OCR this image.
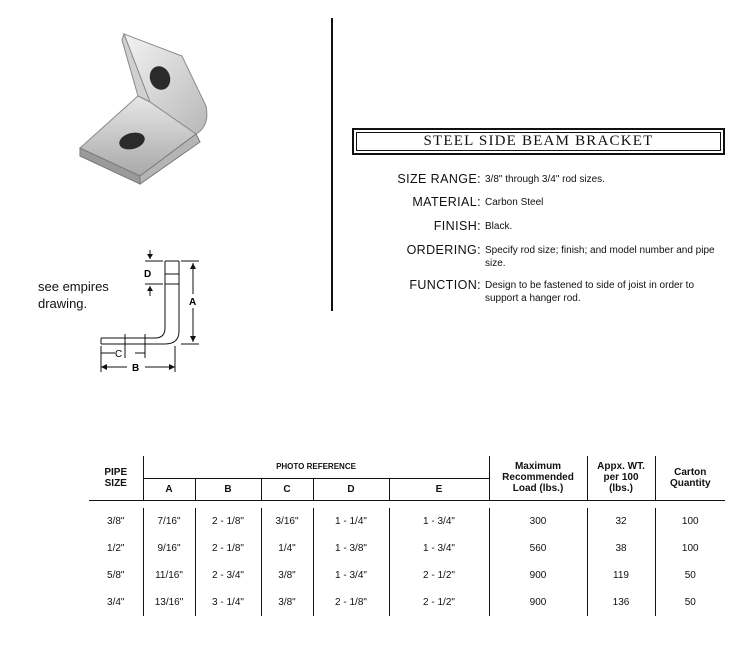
D
A
C
B
see empires drawing.
STEEL SIDE BEAM BRACKET
SIZE RANGE: 3/8" through 3/4" rod sizes.
MATERIAL: Carbon Steel
FINISH: Black.
ORDERING: Specify rod size; finish; and model number and pipe size.
FUNCTION: Design to be fastened to side of joist in order to support a hanger rod.
PIPE SIZE	PHOTO REFERENCE					Maximum Recommended Load (lbs.)	Appx. WT. per 100 (lbs.)	Carton Quantity
	A	B	C	D	E			

3/8"	7/16"	2 - 1/8"	3/16"	1 - 1/4"	1 - 3/4"	300	32	100
1/2"	9/16"	2 - 1/8"	1/4"	1 - 3/8"	1 - 3/4"	560	38	100
5/8"	11/16"	2 - 3/4"	3/8"	1 - 3/4"	2 - 1/2"	900	119	50
3/4"	13/16"	3 - 1/4"	3/8"	2 - 1/8"	2 - 1/2"	900	136	50
